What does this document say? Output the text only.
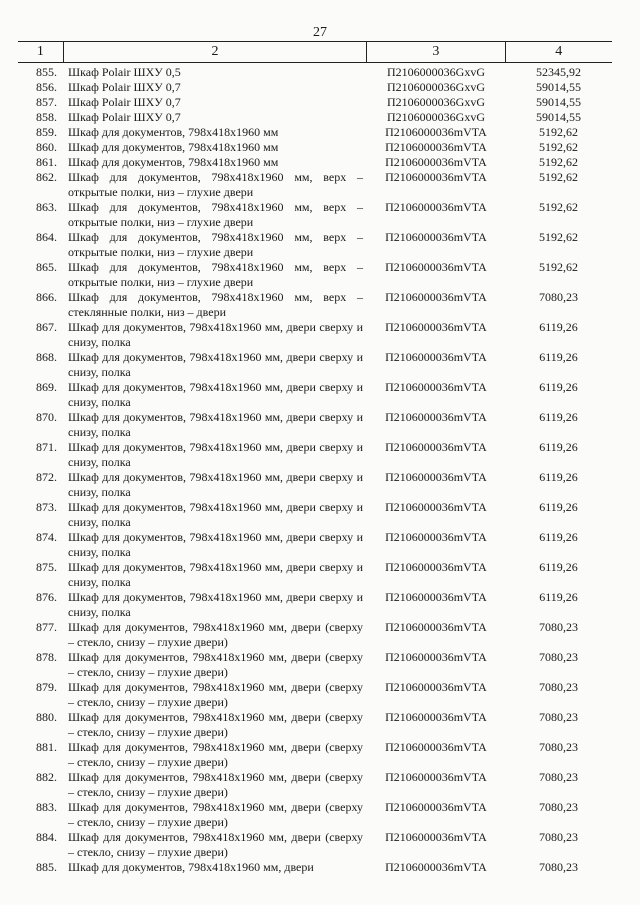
27
1	2	3	4
855. Шкаф Polair ШХУ 0,5	П2106000036GxvG	52345,92
856. Шкаф Polair ШХУ 0,7	П2106000036GxvG	59014,55
857. Шкаф Polair ШХУ 0,7	П2106000036GxvG	59014,55
858. Шкаф Polair ШХУ 0,7	П2106000036GxvG	59014,55
859. Шкаф для документов, 798х418х1960 мм	П2106000036mVTA	5192,62
860. Шкаф для документов, 798х418х1960 мм	П2106000036mVTA	5192,62
861. Шкаф для документов, 798х418х1960 мм	П2106000036mVTA	5192,62
862. Шкаф для документов, 798х418х1960 мм, верх – открытые полки, низ – глухие двери
П2106000036mVTA	5192,62
863. Шкаф для документов, 798х418х1960 мм, верх – открытые полки, низ – глухие двери
П2106000036mVTA	5192,62
864. Шкаф для документов, 798х418х1960 мм, верх – открытые полки, низ – глухие двери
П2106000036mVTA	5192,62
865. Шкаф для документов, 798х418х1960 мм, верх – открытые полки, низ – глухие двери
П2106000036mVTA	5192,62
866. Шкаф для документов, 798х418х1960 мм, верх – стеклянные полки, низ – двери
П2106000036mVTA	7080,23
867. Шкаф для документов, 798х418х1960 мм, двери сверху и снизу, полка
П2106000036mVTA	6119,26
868. Шкаф для документов, 798х418х1960 мм, двери сверху и снизу, полка
П2106000036mVTA	6119,26
869. Шкаф для документов, 798х418х1960 мм, двери сверху и снизу, полка
П2106000036mVTA	6119,26
870. Шкаф для документов, 798х418х1960 мм, двери сверху и снизу, полка
П2106000036mVTA	6119,26
871. Шкаф для документов, 798х418х1960 мм, двери сверху и снизу, полка
П2106000036mVTA	6119,26
872. Шкаф для документов, 798х418х1960 мм, двери сверху и снизу, полка
П2106000036mVTA	6119,26
873. Шкаф для документов, 798х418х1960 мм, двери сверху и снизу, полка
П2106000036mVTA	6119,26
874. Шкаф для документов, 798х418х1960 мм, двери сверху и снизу, полка
П2106000036mVTA	6119,26
875. Шкаф для документов, 798х418х1960 мм, двери сверху и снизу, полка
П2106000036mVTA	6119,26
876. Шкаф для документов, 798х418х1960 мм, двери сверху и снизу, полка
П2106000036mVTA	6119,26
877. Шкаф для документов, 798х418х1960 мм, двери (сверху – стекло, снизу – глухие двери)
П2106000036mVTA	7080,23
878. Шкаф для документов, 798х418х1960 мм, двери (сверху – стекло, снизу – глухие двери)
П2106000036mVTA	7080,23
879. Шкаф для документов, 798х418х1960 мм, двери (сверху – стекло, снизу – глухие двери)
П2106000036mVTA	7080,23
880. Шкаф для документов, 798х418х1960 мм, двери (сверху – стекло, снизу – глухие двери)
П2106000036mVTA	7080,23
881. Шкаф для документов, 798х418х1960 мм, двери (сверху – стекло, снизу – глухие двери)
П2106000036mVTA	7080,23
882. Шкаф для документов, 798х418х1960 мм, двери (сверху – стекло, снизу – глухие двери)
П2106000036mVTA	7080,23
883. Шкаф для документов, 798х418х1960 мм, двери (сверху – стекло, снизу – глухие двери)
П2106000036mVTA	7080,23
884. Шкаф для документов, 798х418х1960 мм, двери (сверху – стекло, снизу – глухие двери)
П2106000036mVTA	7080,23
885. Шкаф для документов, 798х418х1960 мм, двери	П2106000036mVTA	7080,23
